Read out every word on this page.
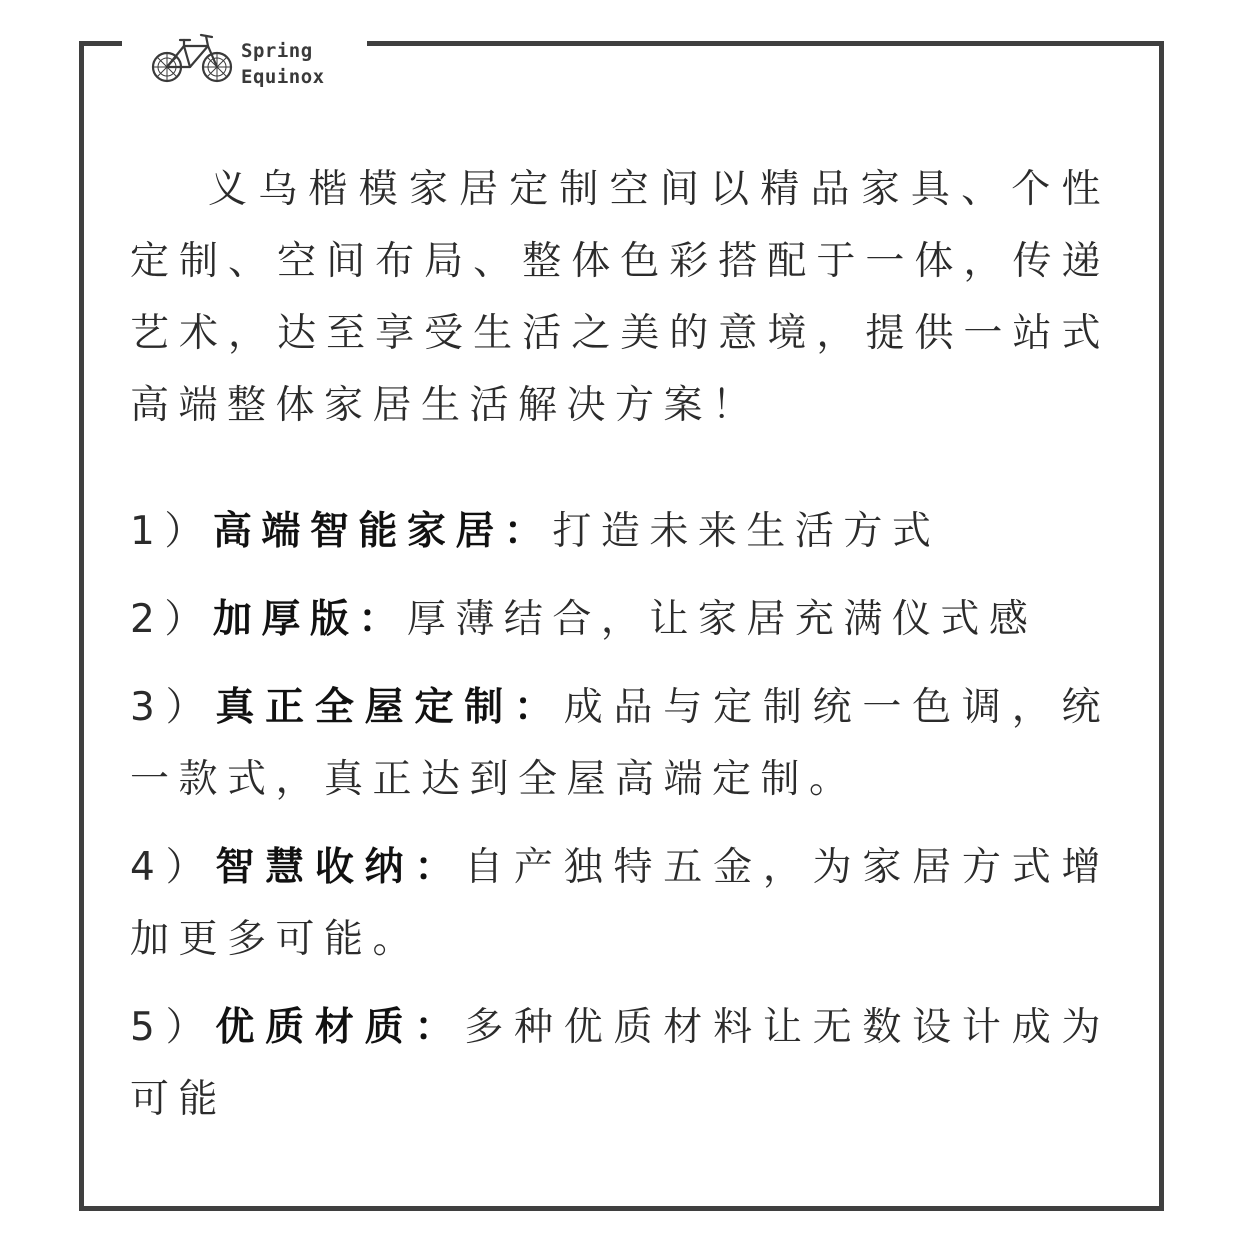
Spring
Equinox

义乌楷模家居定制空间以精品家具、个性定制、空间布局、整体色彩搭配于一体，传递艺术，达至享受生活之美的意境，提供一站式高端整体家居生活解决方案！

1）高端智能家居：打造未来生活方式

2）加厚版：厚薄结合，让家居充满仪式感

3）真正全屋定制：成品与定制统一色调，统一款式，真正达到全屋高端定制。

4）智慧收纳：自产独特五金，为家居方式增加更多可能。

5）优质材质：多种优质材料让无数设计成为可能
